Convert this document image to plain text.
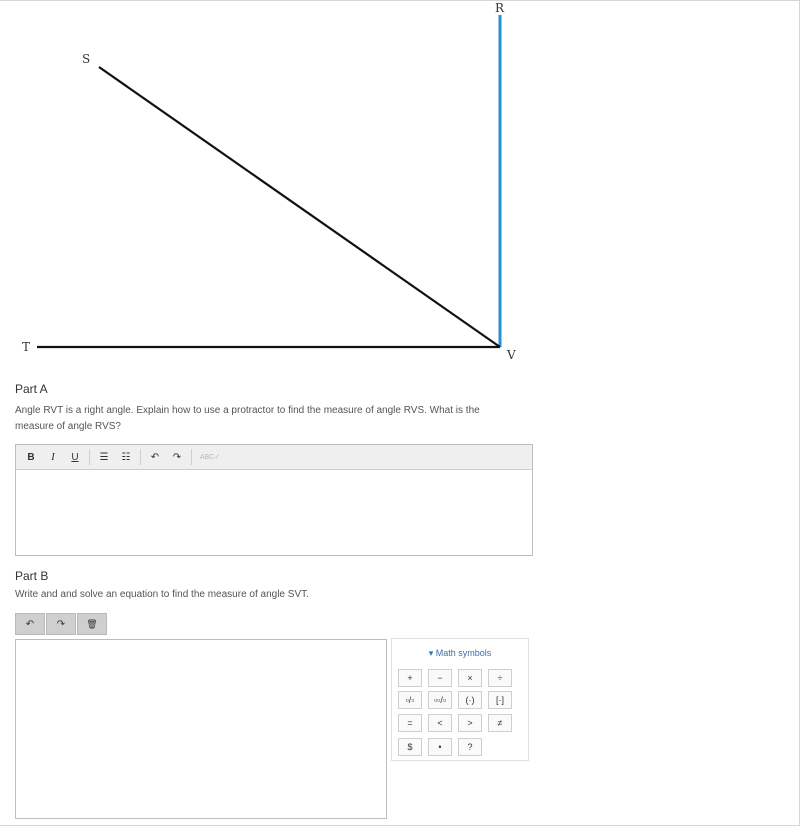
S
R
T
V
Part A
Angle RVT is a right angle. Explain how to use a protractor to find the measure of angle RVS. What is the
measure of angle RVS?
B	I	U	☰	☷	↶	↷	ABC✓
Part B
Write and and solve an equation to find the measure of angle SVT.
↶	↷	🗑
▾ Math symbols
+	−	×	÷
▫/▫	▫▫/▫	(·)	[·]
=	<	>	≠
$	•	?
